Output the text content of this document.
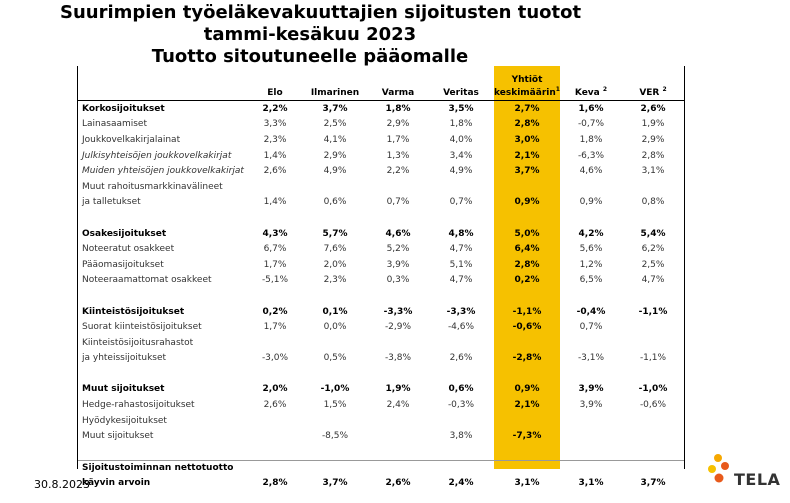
Suurimpien työeläkevakuuttajien sijoitusten tuotot
tammi-kesäkuu 2023
Tuotto sitoutuneelle pääomalle
	Elo	Ilmarinen	Varma	Veritas	Yhtiöt
keskimäärin$^1$	Keva $^2$	VER $^2$
Korkosijoitukset	2,2%	3,7%	1,8%	3,5%	2,7%	1,6%	2,6%
Lainasaamiset	3,3%	2,5%	2,9%	1,8%	2,8%	-0,7%	1,9%
Joukkovelkakirjalainat	2,3%	4,1%	1,7%	4,0%	3,0%	1,8%	2,9%
Julkisyhteisöjen joukkovelkakirjat	1,4%	2,9%	1,3%	3,4%	2,1%	-6,3%	2,8%
Muiden yhteisöjen joukkovelkakirjat	2,6%	4,9%	2,2%	4,9%	3,7%	4,6%	3,1%
Muut rahoitusmarkkinavälineet							
ja talletukset	1,4%	0,6%	0,7%	0,7%	0,9%	0,9%	0,8%

Osakesijoitukset	4,3%	5,7%	4,6%	4,8%	5,0%	4,2%	5,4%
Noteeratut osakkeet	6,7%	7,6%	5,2%	4,7%	6,4%	5,6%	6,2%
Pääomasijoitukset	1,7%	2,0%	3,9%	5,1%	2,8%	1,2%	2,5%
Noteeraamattomat osakkeet	-5,1%	2,3%	0,3%	4,7%	0,2%	6,5%	4,7%

Kiinteistösijoitukset	0,2%	0,1%	-3,3%	-3,3%	-1,1%	-0,4%	-1,1%
Suorat kiinteistösijoitukset	1,7%	0,0%	-2,9%	-4,6%	-0,6%	0,7%	
Kiinteistösijoitusrahastot							
ja yhteissijoitukset	-3,0%	0,5%	-3,8%	2,6%	-2,8%	-3,1%	-1,1%

Muut sijoitukset	2,0%	-1,0%	1,9%	0,6%	0,9%	3,9%	-1,0%
Hedge-rahastosijoitukset	2,6%	1,5%	2,4%	-0,3%	2,1%	3,9%	-0,6%
Hyödykesijoitukset							
Muut sijoitukset		-8,5%		3,8%	-7,3%		

Sijoitustoiminnan nettotuotto							
käyvin arvoin	2,8%	3,7%	2,6%	2,4%	3,1%	3,1%	3,7%
30.8.2023	TELA
